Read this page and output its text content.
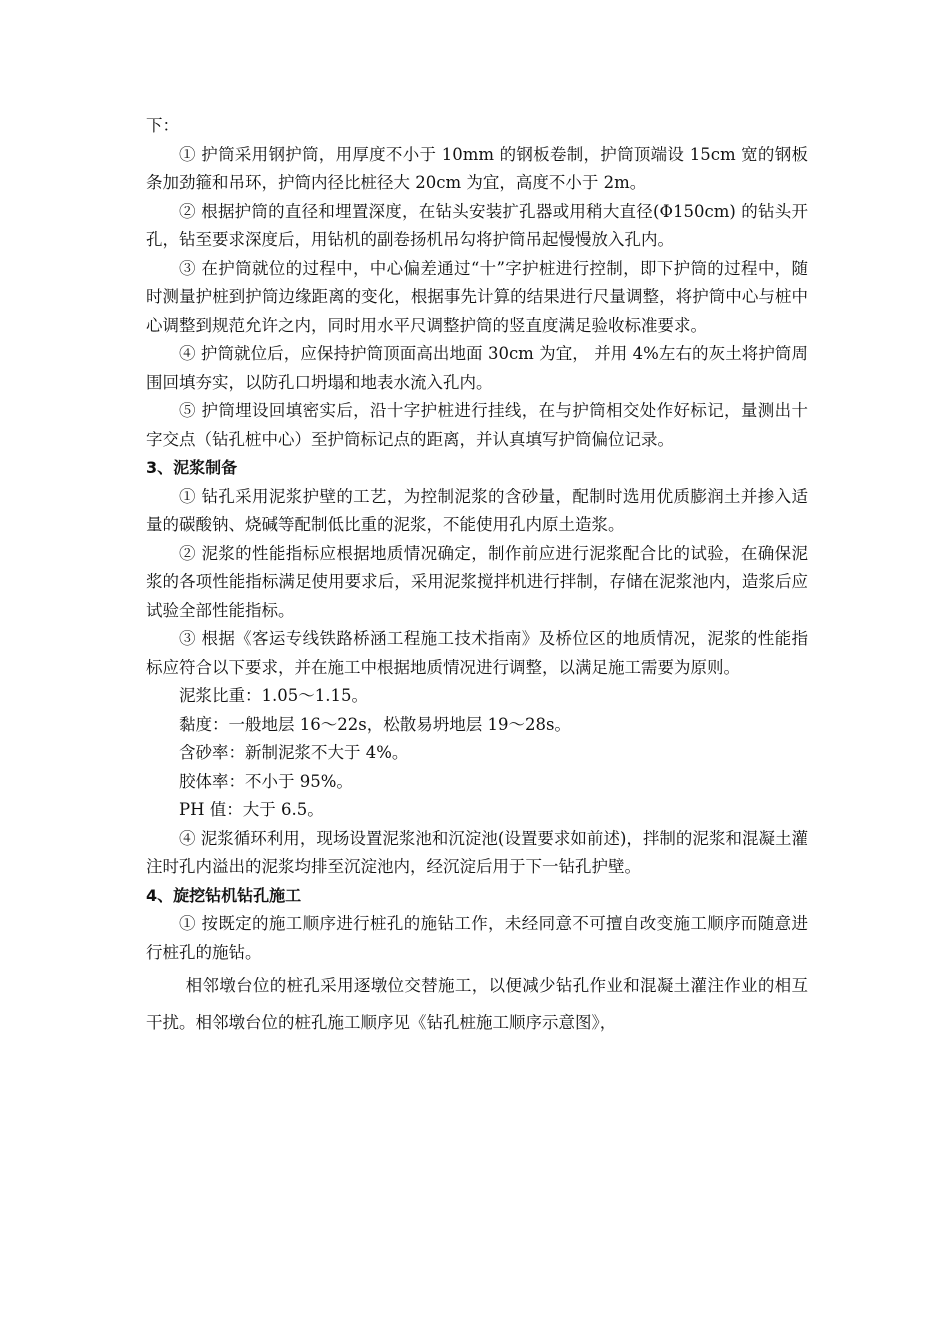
下：

① 护筒采用钢护筒，用厚度不小于 10mm 的钢板卷制，护筒顶端设 15cm 宽的钢板条加劲箍和吊环，护筒内径比桩径大 20cm 为宜，高度不小于 2m。

② 根据护筒的直径和埋置深度，在钻头安装扩孔器或用稍大直径(Φ150cm) 的钻头开孔，钻至要求深度后，用钻机的副卷扬机吊勾将护筒吊起慢慢放入孔内。

③ 在护筒就位的过程中，中心偏差通过“十”字护桩进行控制，即下护筒的过程中，随时测量护桩到护筒边缘距离的变化，根据事先计算的结果进行尺量调整，将护筒中心与桩中心调整到规范允许之内，同时用水平尺调整护筒的竖直度满足验收标准要求。

④ 护筒就位后，应保持护筒顶面高出地面 30cm 为宜， 并用 4%左右的灰土将护筒周围回填夯实，以防孔口坍塌和地表水流入孔内。

⑤ 护筒埋设回填密实后，沿十字护桩进行挂线，在与护筒相交处作好标记，量测出十字交点（钻孔桩中心）至护筒标记点的距离，并认真填写护筒偏位记录。

3、泥浆制备

① 钻孔采用泥浆护壁的工艺，为控制泥浆的含砂量，配制时选用优质膨润土并掺入适量的碳酸钠、烧碱等配制低比重的泥浆，不能使用孔内原土造浆。

② 泥浆的性能指标应根据地质情况确定，制作前应进行泥浆配合比的试验，在确保泥浆的各项性能指标满足使用要求后，采用泥浆搅拌机进行拌制，存储在泥浆池内，造浆后应试验全部性能指标。

③ 根据《客运专线铁路桥涵工程施工技术指南》及桥位区的地质情况，泥浆的性能指标应符合以下要求，并在施工中根据地质情况进行调整，以满足施工需要为原则。

泥浆比重：1.05～1.15。

黏度：一般地层 16～22s，松散易坍地层 19～28s。

含砂率：新制泥浆不大于 4%。

胶体率：不小于 95%。

PH 值：大于 6.5。

④ 泥浆循环利用，现场设置泥浆池和沉淀池(设置要求如前述)，拌制的泥浆和混凝土灌注时孔内溢出的泥浆均排至沉淀池内，经沉淀后用于下一钻孔护壁。

4、旋挖钻机钻孔施工

① 按既定的施工顺序进行桩孔的施钻工作，未经同意不可擅自改变施工顺序而随意进行桩孔的施钻。

相邻墩台位的桩孔采用逐墩位交替施工，以便减少钻孔作业和混凝土灌注作业的相互干扰。相邻墩台位的桩孔施工顺序见《钻孔桩施工顺序示意图》，
